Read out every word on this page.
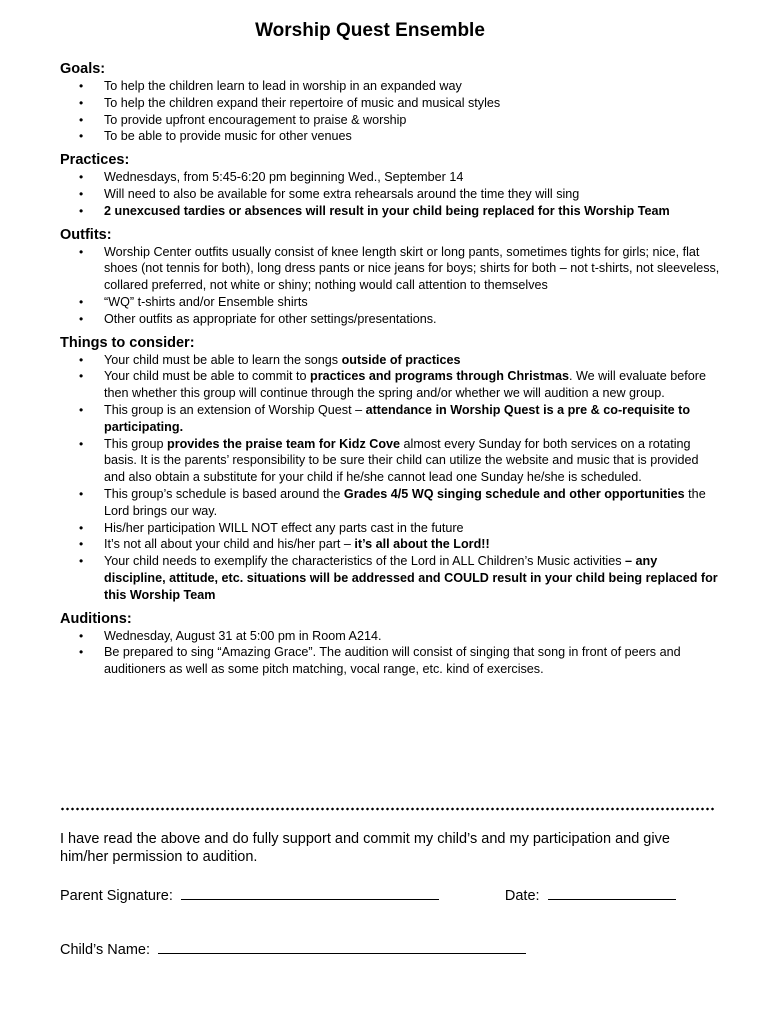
Worship Quest Ensemble
Goals:
• To help the children learn to lead in worship in an expanded way
• To help the children expand their repertoire of music and musical styles
• To provide upfront encouragement to praise & worship
• To be able to provide music for other venues
Practices:
• Wednesdays, from 5:45-6:20 pm beginning Wed., September 14
• Will need to also be available for some extra rehearsals around the time they will sing
• 2 unexcused tardies or absences will result in your child being replaced for this Worship Team
Outfits:
• Worship Center outfits usually consist of knee length skirt or long pants, sometimes tights for girls; nice, flat shoes (not tennis for both), long dress pants or nice jeans for boys; shirts for both – not t-shirts, not sleeveless, collared preferred, not white or shiny; nothing would call attention to themselves
• “WQ” t-shirts and/or Ensemble shirts
• Other outfits as appropriate for other settings/presentations.
Things to consider:
• Your child must be able to learn the songs outside of practices
• Your child must be able to commit to practices and programs through Christmas. We will evaluate before then whether this group will continue through the spring and/or whether we will audition a new group.
• This group is an extension of Worship Quest – attendance in Worship Quest is a pre & co-requisite to participating.
• This group provides the praise team for Kidz Cove almost every Sunday for both services on a rotating basis. It is the parents’ responsibility to be sure their child can utilize the website and music that is provided and also obtain a substitute for your child if he/she cannot lead one Sunday he/she is scheduled.
• This group’s schedule is based around the Grades 4/5 WQ singing schedule and other opportunities the Lord brings our way.
• His/her participation WILL NOT effect any parts cast in the future
• It’s not all about your child and his/her part – it’s all about the Lord!!
• Your child needs to exemplify the characteristics of the Lord in ALL Children’s Music activities – any discipline, attitude, etc. situations will be addressed and COULD result in your child being replaced for this Worship Team
Auditions:
• Wednesday, August 31 at 5:00 pm in Room A214.
• Be prepared to sing “Amazing Grace”. The audition will consist of singing that song in front of peers and auditioners as well as some pitch matching, vocal range, etc. kind of exercises.
I have read the above and do fully support and commit my child’s and my participation and give him/her permission to audition.
Parent Signature:	Date:
Child’s Name:
